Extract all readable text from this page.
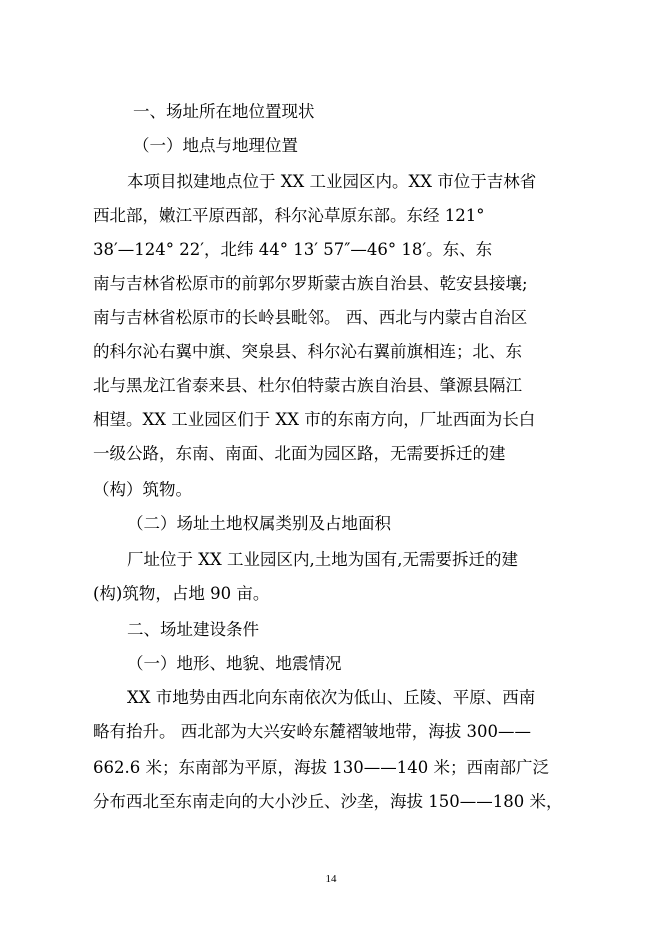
一、场址所在地位置现状
（一）地点与地理位置
本项目拟建地点位于 XX 工业园区内。XX 市位于吉林省
西北部，嫩江平原西部，科尔沁草原东部。东经 121°
38′—124° 22′，北纬 44° 13′ 57″—46° 18′。东、东
南与吉林省松原市的前郭尔罗斯蒙古族自治县、乾安县接壤;
南与吉林省松原市的长岭县毗邻。 西、西北与内蒙古自治区
的科尔沁右翼中旗、突泉县、科尔沁右翼前旗相连；北、东
北与黑龙江省泰来县、杜尔伯特蒙古族自治县、肇源县隔江
相望。XX 工业园区们于 XX 市的东南方向，厂址西面为长白
一级公路，东南、南面、北面为园区路，无需要拆迁的建
（构）筑物。
（二）场址土地权属类别及占地面积
厂址位于 XX 工业园区内,土地为国有,无需要拆迁的建
(构)筑物，占地 90 亩。
二、场址建设条件
（一）地形、地貌、地震情况
XX 市地势由西北向东南依次为低山、丘陵、平原、西南
略有抬升。 西北部为大兴安岭东麓褶皱地带，海拔 300——
662.6 米；东南部为平原，海拔 130——140 米；西南部广泛
分布西北至东南走向的大小沙丘、沙垄，海拔 150——180 米，
14
